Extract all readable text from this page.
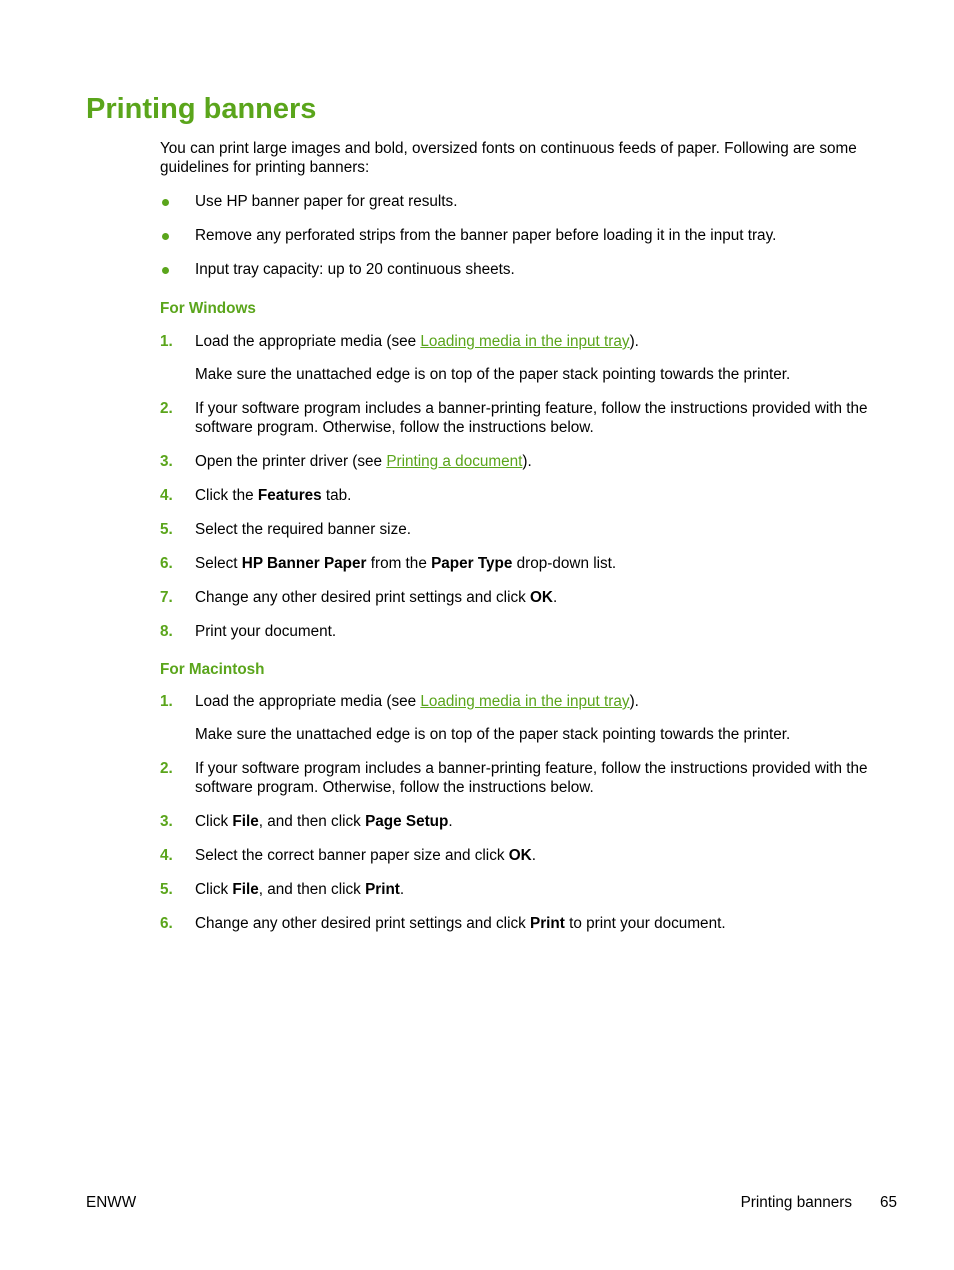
Printing banners

You can print large images and bold, oversized fonts on continuous feeds of paper. Following are some guidelines for printing banners:

Use HP banner paper for great results.
Remove any perforated strips from the banner paper before loading it in the input tray.
Input tray capacity: up to 20 continuous sheets.
For Windows
1. Load the appropriate media (see Loading media in the input tray).

Make sure the unattached edge is on top of the paper stack pointing towards the printer.

2. If your software program includes a banner-printing feature, follow the instructions provided with the software program. Otherwise, follow the instructions below.
3. Open the printer driver (see Printing a document).
4. Click the Features tab.
5. Select the required banner size.
6. Select HP Banner Paper from the Paper Type drop-down list.
7. Change any other desired print settings and click OK.
8. Print your document.
For Macintosh
1. Load the appropriate media (see Loading media in the input tray).

Make sure the unattached edge is on top of the paper stack pointing towards the printer.

2. If your software program includes a banner-printing feature, follow the instructions provided with the software program. Otherwise, follow the instructions below.
3. Click File, and then click Page Setup.
4. Select the correct banner paper size and click OK.
5. Click File, and then click Print.
6. Change any other desired print settings and click Print to print your document.
ENWW	Printing banners 65
